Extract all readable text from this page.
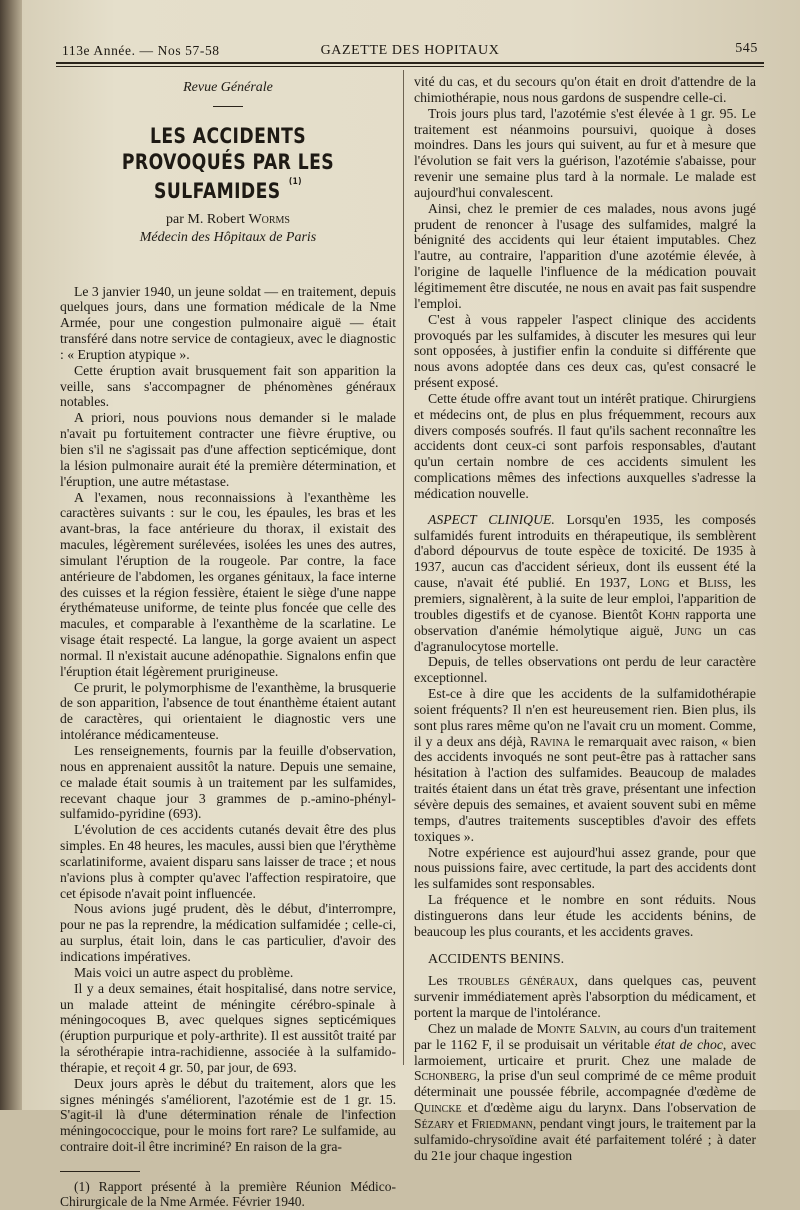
113e Année. — Nos 57-58	GAZETTE DES HOPITAUX	545
Revue Générale
LES ACCIDENTS
PROVOQUÉS PAR LES SULFAMIDES $^{(1)}$
par M. Robert Worms
Médecin des Hôpitaux de Paris

Le 3 janvier 1940, un jeune soldat — en traitement, depuis quelques jours, dans une formation médicale de la Nme Armée, pour une congestion pulmonaire aiguë — était transféré dans notre service de contagieux, avec le diagnostic : « Eruption atypique ».

Cette éruption avait brusquement fait son apparition la veille, sans s'accompagner de phénomènes généraux notables.

A priori, nous pouvions nous demander si le malade n'avait pu fortuitement contracter une fièvre éruptive, ou bien s'il ne s'agissait pas d'une affection septicémique, dont la lésion pulmonaire aurait été la première détermination, et l'éruption, une autre métastase.

A l'examen, nous reconnaissions à l'exanthème les caractères suivants : sur le cou, les épaules, les bras et les avant-bras, la face antérieure du thorax, il existait des macules, légèrement surélevées, isolées les unes des autres, simulant l'éruption de la rougeole. Par contre, la face antérieure de l'abdomen, les organes génitaux, la face interne des cuisses et la région fessière, étaient le siège d'une nappe érythémateuse uniforme, de teinte plus foncée que celle des macules, et comparable à l'exanthème de la scarlatine. Le visage était respecté. La langue, la gorge avaient un aspect normal. Il n'existait aucune adénopathie. Signalons enfin que l'éruption était légèrement prurigineuse.

Ce prurit, le polymorphisme de l'exanthème, la brusquerie de son apparition, l'absence de tout énanthème étaient autant de caractères, qui orientaient le diagnostic vers une intolérance médicamenteuse.

Les renseignements, fournis par la feuille d'observation, nous en apprenaient aussitôt la nature. Depuis une semaine, ce malade était soumis à un traitement par les sulfamides, recevant chaque jour 3 grammes de p.-amino-phényl-sulfamido-pyridine (693).

L'évolution de ces accidents cutanés devait être des plus simples. En 48 heures, les macules, aussi bien que l'érythème scarlatiniforme, avaient disparu sans laisser de trace ; et nous n'avions plus à compter qu'avec l'affection respiratoire, que cet épisode n'avait point influencée.

Nous avions jugé prudent, dès le début, d'interrompre, pour ne pas la reprendre, la médication sulfamidée ; celle-ci, au surplus, était loin, dans le cas particulier, d'avoir des indications impératives.

Mais voici un autre aspect du problème.

Il y a deux semaines, était hospitalisé, dans notre service, un malade atteint de méningite cérébro-spinale à méningocoques B, avec quelques signes septicémiques (éruption purpurique et poly-arthrite). Il est aussitôt traité par la sérothérapie intra-rachidienne, associée à la sulfamido-thérapie, et reçoit 4 gr. 50, par jour, de 693.

Deux jours après le début du traitement, alors que les signes méningés s'améliorent, l'azotémie est de 1 gr. 15. S'agit-il là d'une détermination rénale de l'infection méningococcique, pour le moins fort rare? Le sulfamide, au contraire doit-il être incriminé? En raison de la gra-

(1) Rapport présenté à la première Réunion Médico-Chirurgicale de la Nme Armée. Février 1940.

vité du cas, et du secours qu'on était en droit d'attendre de la chimiothérapie, nous nous gardons de suspendre celle-ci.

Trois jours plus tard, l'azotémie s'est élevée à 1 gr. 95. Le traitement est néanmoins poursuivi, quoique à doses moindres. Dans les jours qui suivent, au fur et à mesure que l'évolution se fait vers la guérison, l'azotémie s'abaisse, pour revenir une semaine plus tard à la normale. Le malade est aujourd'hui convalescent.

Ainsi, chez le premier de ces malades, nous avons jugé prudent de renoncer à l'usage des sulfamides, malgré la bénignité des accidents qui leur étaient imputables. Chez l'autre, au contraire, l'apparition d'une azotémie élevée, à l'origine de laquelle l'influence de la médication pouvait légitimement être discutée, ne nous en avait pas fait suspendre l'emploi.

C'est à vous rappeler l'aspect clinique des accidents provoqués par les sulfamides, à discuter les mesures qui leur sont opposées, à justifier enfin la conduite si différente que nous avons adoptée dans ces deux cas, qu'est consacré le présent exposé.

Cette étude offre avant tout un intérêt pratique. Chirurgiens et médecins ont, de plus en plus fréquemment, recours aux divers composés soufrés. Il faut qu'ils sachent reconnaître les accidents dont ceux-ci sont parfois responsables, d'autant qu'un certain nombre de ces accidents simulent les complications mêmes des infections auxquelles s'adresse la médication nouvelle.

ASPECT CLINIQUE. Lorsqu'en 1935, les composés sulfamidés furent introduits en thérapeutique, ils semblèrent d'abord dépourvus de toute espèce de toxicité. De 1935 à 1937, aucun cas d'accident sérieux, dont ils eussent été la cause, n'avait été publié. En 1937, Long et Bliss, les premiers, signalèrent, à la suite de leur emploi, l'apparition de troubles digestifs et de cyanose. Bientôt Kohn rapporta une observation d'anémie hémolytique aiguë, Jung un cas d'agranulocytose mortelle.

Depuis, de telles observations ont perdu de leur caractère exceptionnel.

Est-ce à dire que les accidents de la sulfamidothérapie soient fréquents? Il n'en est heureusement rien. Bien plus, ils sont plus rares même qu'on ne l'avait cru un moment. Comme, il y a deux ans déjà, Ravina le remarquait avec raison, « bien des accidents invoqués ne sont peut-être pas à rattacher sans hésitation à l'action des sulfamides. Beaucoup de malades traités étaient dans un état très grave, présentant une infection sévère depuis des semaines, et avaient souvent subi en même temps, d'autres traitements susceptibles d'avoir des effets toxiques ».

Notre expérience est aujourd'hui assez grande, pour que nous puissions faire, avec certitude, la part des accidents dont les sulfamides sont responsables.

La fréquence et le nombre en sont réduits. Nous distinguerons dans leur étude les accidents bénins, de beaucoup les plus courants, et les accidents graves.

ACCIDENTS BENINS.

Les troubles généraux, dans quelques cas, peuvent survenir immédiatement après l'absorption du médicament, et portent la marque de l'intolérance.

Chez un malade de Monte Salvin, au cours d'un traitement par le 1162 F, il se produisait un véritable état de choc, avec larmoiement, urticaire et prurit. Chez une malade de Schonberg, la prise d'un seul comprimé de ce même produit déterminait une poussée fébrile, accompagnée d'œdème de Quincke et d'œdème aigu du larynx. Dans l'observation de Sézary et Friedmann, pendant vingt jours, le traitement par la sulfamido-chrysoïdine avait été parfaitement toléré ; à dater du 21e jour chaque ingestion
